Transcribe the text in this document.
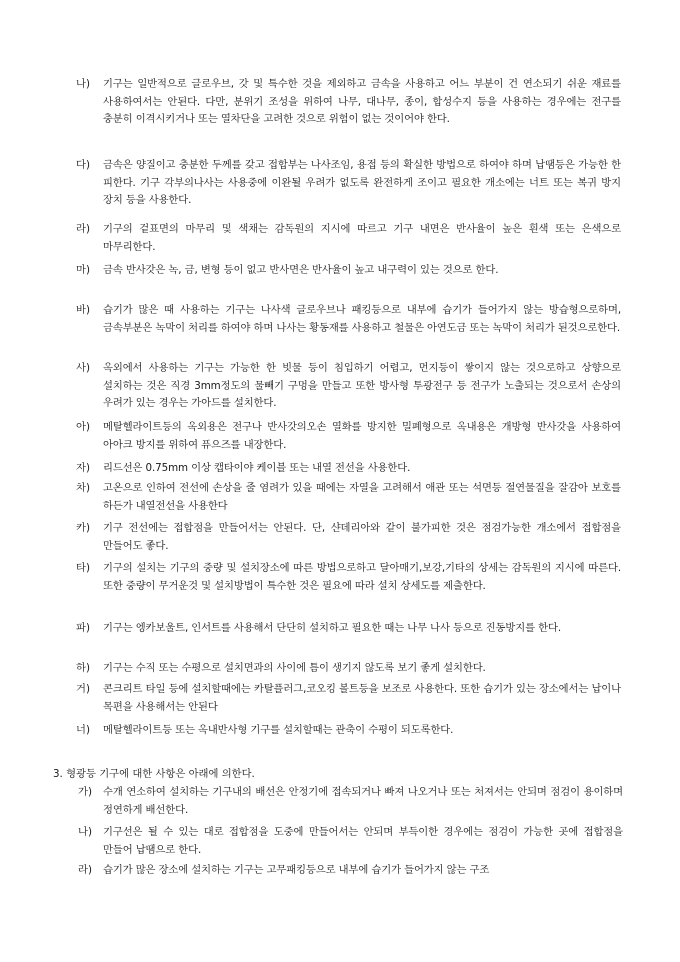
나)	기구는 일반적으로 글로우브, 갓 및 특수한 것을 제외하고 금속을 사용하고 어느 부분이 건 연소되기 쉬운 재료를 사용하여서는 안된다. 다만, 분위기 조성을 위하여 나무, 대나무, 종이, 합성수지 등을 사용하는 경우에는 전구를 충분히 이격시키거나 또는 열차단을 고려한 것으로 위험이 없는 것이어야 한다.
다)	금속은 양질이고 충분한 두께를 갖고 접합부는 나사조임, 용접 등의 확실한 방법으로 하여야 하며 납땜등은 가능한 한 피한다. 기구 각부의나사는 사용중에 이완될 우려가 없도록 완전하게 조이고 필요한 개소에는 너트 또는 복귀 방지 장치 등을 사용한다.
라)	기구의 겉표면의 마무리 및 색채는 감독원의 지시에 따르고 기구 내면은 반사율이 높은 흰색 또는 은색으로 마무리한다.
마)	금속 반사갓은 녹, 금, 변형 등이 없고 반사면은 반사율이 높고 내구력이 있는 것으로 한다.
바)	습기가 많은 때 사용하는 기구는 나사색 글로우브나 패킹등으로 내부에 습기가 들어가지 않는 방습형으로하며, 금속부분은 녹막이 처리를 하여야 하며 나사는 황동재를 사용하고 철물은 아연도금 또는 녹막이 처리가 된것으로한다.
사)	옥외에서 사용하는 기구는 가능한 한 빗물 등이 침입하기 어렵고, 먼지등이 쌓이지 않는 것으로하고 상향으로 설치하는 것은 직경 3mm정도의 물빼기 구멍을 만들고 또한 방사형 투광전구 등 전구가 노출되는 것으로서 손상의 우려가 있는 경우는 가아드를 설치한다.
아)	메탈헬라이트등의 옥외용은 전구나 반사갓의오손 열화를 방지한 밀폐형으로 옥내용은 개방형 반사갓을 사용하여 아아크 방지를 위하여 퓨으즈를 내장한다.
자)	리드선은 0.75mm 이상 캡타이야 케이블 또는 내열 전선을 사용한다.
차)	고온으로 인하여 전선에 손상을 줄 염려가 있을 때에는 자열을 고려해서 애관 또는 석면등 절연물질을 잘감아 보호를 하든가 내열전선을 사용한다
카)	기구 전선에는 접합점을 만들어서는 안된다. 단, 샨데리아와 같이 불가피한 것은 점검가능한 개소에서 접합점을 만들어도 좋다.
타)	기구의 설치는 기구의 중량 및 설치장소에 따른 방법으로하고 달아매기,보강,기타의 상세는 감독원의 지시에 따른다.또한 중량이 무거운것 및 설치방법이 특수한 것은 필요에 따라 설치 상세도를 제출한다.
파)	기구는 엥카보울트, 인서트를 사용해서 단단히 설치하고 필요한 때는 나무 나사 등으로 진동방지를 한다.
하)	기구는 수직 또는 수평으로 설치면과의 사이에 틈이 생기지 않도록 보기 좋게 설치한다.
거)	콘크리트 타일 등에 설치할때에는 카탈플러그,코오킹 볼트등을 보조로 사용한다. 또한 습기가 있는 장소에서는 납이나 목편을 사용해서는 안된다
너)	메탈헬라이트등 또는 옥내반사형 기구를 설치할때는 관축이 수평이 되도록한다.
3. 형광등 기구에 대한 사항은 아래에 의한다.
가)	수개 연소하여 설치하는 기구내의 배선은 안정기에 접속되거나 빠져 나오거나 또는 처져서는 안되며 점검이 용이하며 정연하게 배선한다.
나)	기구선은 될 수 있는 대로 접합점을 도중에 만들어서는 안되며 부득이한 경우에는 점검이 가능한 곳에 접합점을 만들어 납땜으로 한다.
라)	습기가 많은 장소에 설치하는 기구는 고무패킹등으로 내부에 습기가 들어가지 않는 구조
